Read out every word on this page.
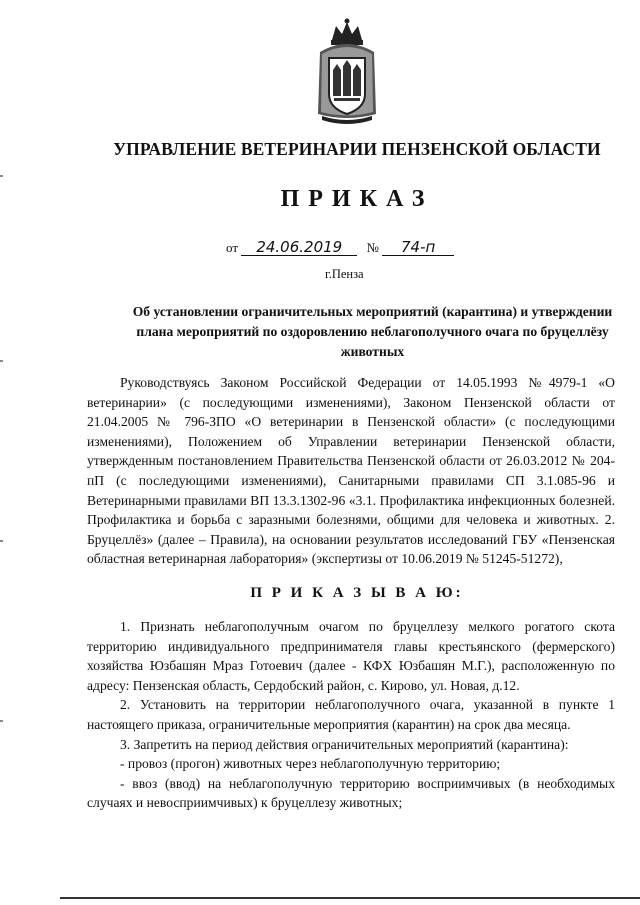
УПРАВЛЕНИЕ ВЕТЕРИНАРИИ ПЕНЗЕНСКОЙ ОБЛАСТИ
ПРИКАЗ
от 24.06.2019 № 74-п
г.Пенза
Об установлении ограничительных мероприятий (карантина) и утверждении плана мероприятий по оздоровлению неблагополучного очага по бруцеллёзу животных

Руководствуясь Законом Российской Федерации от 14.05.1993 №4979-1 «О ветеринарии» (с последующими изменениями), Законом Пензенской области от 21.04.2005 № 796-ЗПО «О ветеринарии в Пензенской области» (с последующими изменениями), Положением об Управлении ветеринарии Пензенской области, утвержденным постановлением Правительства Пензенской области от 26.03.2012 № 204-пП (с последующими изменениями), Санитарными правилами СП 3.1.085-96 и Ветеринарными правилами ВП 13.3.1302-96 «3.1. Профилактика инфекционных болезней. Профилактика и борьба с заразными болезнями, общими для человека и животных. 2. Бруцеллёз» (далее – Правила), на основании результатов исследований ГБУ «Пензенская областная ветеринарная лаборатория» (экспертизы от 10.06.2019 № 51245-51272),

П Р И К А З Ы В А Ю:

1. Признать неблагополучным очагом по бруцеллезу мелкого рогатого скота территорию индивидуального предпринимателя главы крестьянского (фермерского) хозяйства Юзбашян Мраз Готоевич (далее - КФХ Юзбашян М.Г.), расположенную по адресу: Пензенская область, Сердобский район, с. Кирово, ул. Новая, д.12.

2. Установить на территории неблагополучного очага, указанной в пункте 1 настоящего приказа, ограничительные мероприятия (карантин) на срок два месяца.

3. Запретить на период действия ограничительных мероприятий (карантина):

- провоз (прогон) животных через неблагополучную территорию;

- ввоз (ввод) на неблагополучную территорию восприимчивых (в необходимых случаях и невосприимчивых) к бруцеллезу животных;
